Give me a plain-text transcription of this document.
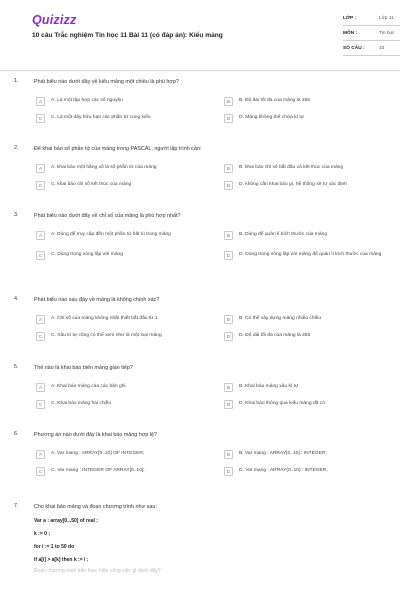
Quizizz
10 câu Trắc nghiệm Tin học 11 Bài 11 (có đáp án): Kiểu mảng
LỚP :	Lớp 11
MÔN :	Tin học
SỐ CÂU :	10
1.	Phát biểu nào dưới đây về kiểu mảng một chiều là phù hợp?
A	A. Là một tập hợp các số nguyên	B	B. Độ dài tối đa của mảng là 255
C	C. Là một dãy hữu hạn các phần tử cùng kiểu	D	D. Mảng không thể chứa kí tự
2.	Để khai báo số phần tử của mảng trong PASCAL, người lập trình cần:
A	A. khai báo một hằng số là số phần tử của mảng	B	B. khai báo chỉ số bắt đầu và kết thúc của mảng
C	C. khai báo chỉ số kết thúc của mảng	D	D. không cần khai báo gì, hệ thống sẽ tự xác định
3.	Phát biểu nào dưới đây về chỉ số của mảng là phù hợp nhất?
A	A. Dùng để truy cập đến một phần tử bất kì trong mảng	B	B. Dùng để quản lí kích thước của mảng
C	C. Dùng trong vòng lặp với mảng	D	D. Dùng trong vòng lặp với mảng để quản lí kích thước của mảng
4.	Phát biểu nào sau đây về mảng là không chính xác?
A	A. Chỉ số của mảng không nhất thiết bắt đầu từ 1	B	B. Có thể xây dựng mảng nhiều chiều
C	C. Xâu kí tự cũng có thể xem như là một loại mảng	D	D. Độ dài tối đa của mảng là 255
5.	Thế nào là khai báo biến mảng gián tiếp?
A	A. Khai báo mảng của các bản ghi	B	B. Khai báo mảng xâu kí tự
C	C. Khai báo mảng hai chiều	D	D. Khai báo thông qua kiểu mảng đã có
6.	Phương án nào dưới đây là khai báo mảng hợp lệ?
A	A. Var mang : ARRAY[0..10] OF INTEGER;	B	B. Var mang : ARRAY[0..10] : INTEGER;
C	C. Var mang : INTEGER OF ARRAY[0..10];	D	D. Var mang : ARRAY(0..10) : INTEGER;
7.	Cho khai báo mảng và đoạn chương trình như sau:
Var a : array[0...50] of real ;
k := 0 ;
for i := 1 to 50 do
if a[i] > a[k] then k := i ;
Đoạn chương trình trên thực hiện công việc gì dưới đây?
